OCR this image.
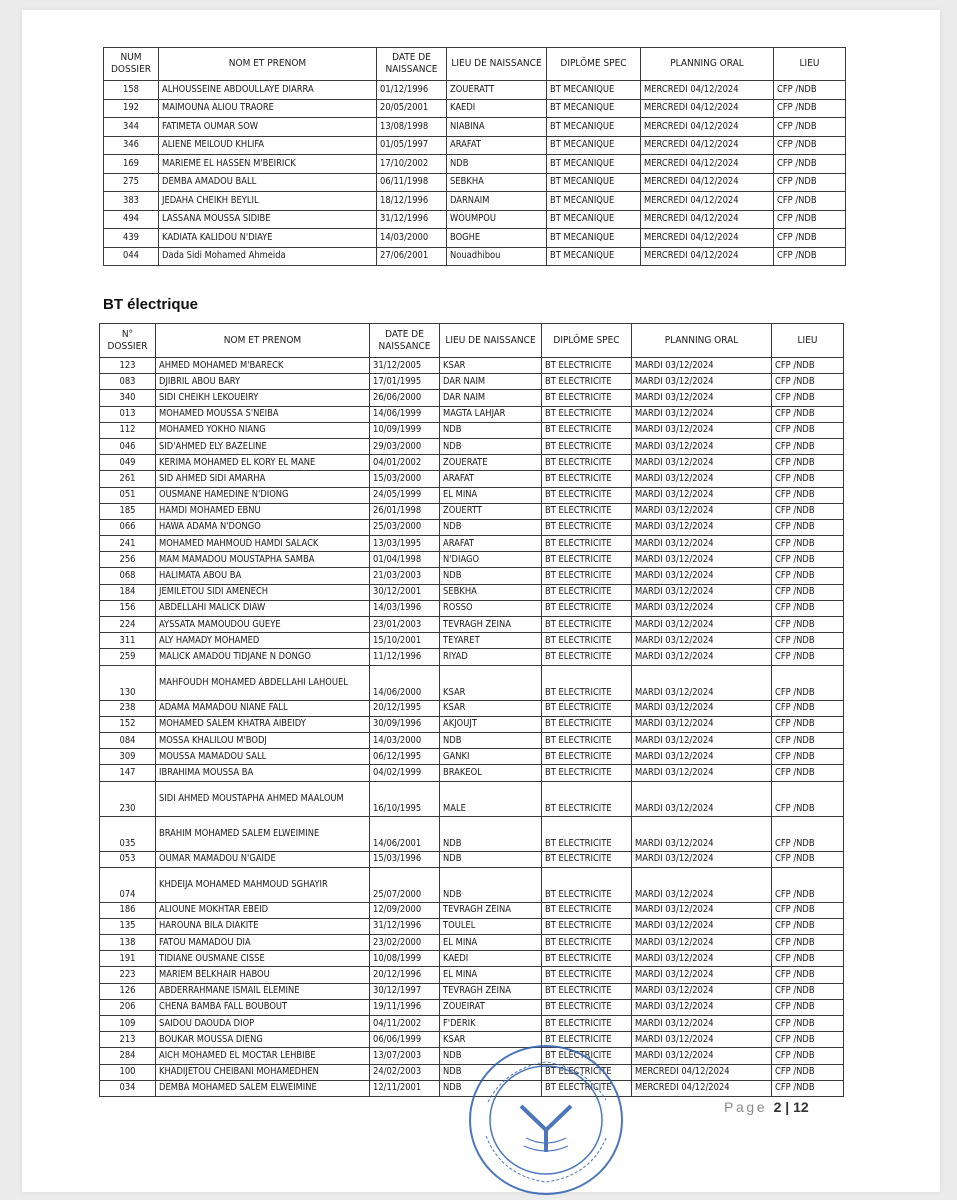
NUM DOSSIER	NOM ET PRENOM	DATE DE NAISSANCE	LIEU DE NAISSANCE	DIPLÔME SPEC	PLANNING ORAL	LIEU
158	ALHOUSSEINE ABDOULLAYE DIARRA	01/12/1996	ZOUERATT	BT MECANIQUE	MERCREDI 04/12/2024	CFP /NDB
192	MAIMOUNA ALIOU TRAORE	20/05/2001	KAEDI	BT MECANIQUE	MERCREDI 04/12/2024	CFP /NDB
344	FATIMETA OUMAR SOW	13/08/1998	NIABINA	BT MECANIQUE	MERCREDI 04/12/2024	CFP /NDB
346	ALIENE MEILOUD KHLIFA	01/05/1997	ARAFAT	BT MECANIQUE	MERCREDI 04/12/2024	CFP /NDB
169	MARIEME EL HASSEN M'BEIRICK	17/10/2002	NDB	BT MECANIQUE	MERCREDI 04/12/2024	CFP /NDB
275	DEMBA AMADOU BALL	06/11/1998	SEBKHA	BT MECANIQUE	MERCREDI 04/12/2024	CFP /NDB
383	JEDAHA CHEIKH BEYLIL	18/12/1996	DARNAIM	BT MECANIQUE	MERCREDI 04/12/2024	CFP /NDB
494	LASSANA MOUSSA SIDIBE	31/12/1996	WOUMPOU	BT MECANIQUE	MERCREDI 04/12/2024	CFP /NDB
439	KADIATA KALIDOU N'DIAYE	14/03/2000	BOGHE	BT MECANIQUE	MERCREDI 04/12/2024	CFP /NDB
044	Dada Sidi Mohamed Ahmeida	27/06/2001	Nouadhibou	BT MECANIQUE	MERCREDI 04/12/2024	CFP /NDB
BT électrique
N° DOSSIER	NOM ET PRENOM	DATE DE NAISSANCE	LIEU DE NAISSANCE	DIPLÔME SPEC	PLANNING ORAL	LIEU
123	AHMED MOHAMED M'BARECK	31/12/2005	KSAR	BT ELECTRICITE	MARDI 03/12/2024	CFP /NDB
083	DJIBRIL ABOU BARY	17/01/1995	DAR NAIM	BT ELECTRICITE	MARDI 03/12/2024	CFP /NDB
340	SIDI CHEIKH LEKOUEIRY	26/06/2000	DAR NAIM	BT ELECTRICITE	MARDI 03/12/2024	CFP /NDB
013	MOHAMED MOUSSA S'NEIBA	14/06/1999	MAGTA LAHJAR	BT ELECTRICITE	MARDI 03/12/2024	CFP /NDB
112	MOHAMED YOKHO NIANG	10/09/1999	NDB	BT ELECTRICITE	MARDI 03/12/2024	CFP /NDB
046	SID'AHMED ELY BAZELINE	29/03/2000	NDB	BT ELECTRICITE	MARDI 03/12/2024	CFP /NDB
049	KERIMA MOHAMED EL KORY EL MANE	04/01/2002	ZOUERATE	BT ELECTRICITE	MARDI 03/12/2024	CFP /NDB
261	SID AHMED SIDI AMARHA	15/03/2000	ARAFAT	BT ELECTRICITE	MARDI 03/12/2024	CFP /NDB
051	OUSMANE HAMEDINE N'DIONG	24/05/1999	EL MINA	BT ELECTRICITE	MARDI 03/12/2024	CFP /NDB
185	HAMDI MOHAMED EBNU	26/01/1998	ZOUERTT	BT ELECTRICITE	MARDI 03/12/2024	CFP /NDB
066	HAWA ADAMA N'DONGO	25/03/2000	NDB	BT ELECTRICITE	MARDI 03/12/2024	CFP /NDB
241	MOHAMED MAHMOUD HAMDI SALACK	13/03/1995	ARAFAT	BT ELECTRICITE	MARDI 03/12/2024	CFP /NDB
256	MAM MAMADOU MOUSTAPHA SAMBA	01/04/1998	N'DIAGO	BT ELECTRICITE	MARDI 03/12/2024	CFP /NDB
068	HALIMATA ABOU BA	21/03/2003	NDB	BT ELECTRICITE	MARDI 03/12/2024	CFP /NDB
184	JEMILETOU SIDI AMENECH	30/12/2001	SEBKHA	BT ELECTRICITE	MARDI 03/12/2024	CFP /NDB
156	ABDELLAHI MALICK DIAW	14/03/1996	ROSSO	BT ELECTRICITE	MARDI 03/12/2024	CFP /NDB
224	AYSSATA MAMOUDOU GUEYE	23/01/2003	TEVRAGH ZEINA	BT ELECTRICITE	MARDI 03/12/2024	CFP /NDB
311	ALY HAMADY MOHAMED	15/10/2001	TEYARET	BT ELECTRICITE	MARDI 03/12/2024	CFP /NDB
259	MALICK AMADOU TIDJANE N DONGO	11/12/1996	RIYAD	BT ELECTRICITE	MARDI 03/12/2024	CFP /NDB
130	MAHFOUDH MOHAMED ABDELLAHI LAHOUEL	14/06/2000	KSAR	BT ELECTRICITE	MARDI 03/12/2024	CFP /NDB
238	ADAMA MAMADOU NIANE FALL	20/12/1995	KSAR	BT ELECTRICITE	MARDI 03/12/2024	CFP /NDB
152	MOHAMED SALEM KHATRA AIBEIDY	30/09/1996	AKJOUJT	BT ELECTRICITE	MARDI 03/12/2024	CFP /NDB
084	MOSSA KHALILOU M'BODJ	14/03/2000	NDB	BT ELECTRICITE	MARDI 03/12/2024	CFP /NDB
309	MOUSSA MAMADOU SALL	06/12/1995	GANKI	BT ELECTRICITE	MARDI 03/12/2024	CFP /NDB
147	IBRAHIMA MOUSSA BA	04/02/1999	BRAKEOL	BT ELECTRICITE	MARDI 03/12/2024	CFP /NDB
230	SIDI AHMED MOUSTAPHA AHMED MAALOUM	16/10/1995	MALE	BT ELECTRICITE	MARDI 03/12/2024	CFP /NDB
035	BRAHIM MOHAMED SALEM ELWEIMINE	14/06/2001	NDB	BT ELECTRICITE	MARDI 03/12/2024	CFP /NDB
053	OUMAR MAMADOU N'GAIDE	15/03/1996	NDB	BT ELECTRICITE	MARDI 03/12/2024	CFP /NDB
074	KHDEIJA MOHAMED MAHMOUD SGHAYIR	25/07/2000	NDB	BT ELECTRICITE	MARDI 03/12/2024	CFP /NDB
186	ALIOUNE MOKHTAR EBEID	12/09/2000	TEVRAGH ZEINA	BT ELECTRICITE	MARDI 03/12/2024	CFP /NDB
135	HAROUNA BILA DIAKITE	31/12/1996	TOULEL	BT ELECTRICITE	MARDI 03/12/2024	CFP /NDB
138	FATOU MAMADOU DIA	23/02/2000	EL MINA	BT ELECTRICITE	MARDI 03/12/2024	CFP /NDB
191	TIDIANE OUSMANE CISSE	10/08/1999	KAEDI	BT ELECTRICITE	MARDI 03/12/2024	CFP /NDB
223	MARIEM BELKHAIR HABOU	20/12/1996	EL MINA	BT ELECTRICITE	MARDI 03/12/2024	CFP /NDB
126	ABDERRAHMANE ISMAIL ELEMINE	30/12/1997	TEVRAGH ZEINA	BT ELECTRICITE	MARDI 03/12/2024	CFP /NDB
206	CHENA BAMBA FALL BOUBOUT	19/11/1996	ZOUEIRAT	BT ELECTRICITE	MARDI 03/12/2024	CFP /NDB
109	SAIDOU DAOUDA DIOP	04/11/2002	F'DERIK	BT ELECTRICITE	MARDI 03/12/2024	CFP /NDB
213	BOUKAR MOUSSA DIENG	06/06/1999	KSAR	BT ELECTRICITE	MARDI 03/12/2024	CFP /NDB
284	AICH MOHAMED EL MOCTAR LEHBIBE	13/07/2003	NDB	BT ELECTRICITE	MARDI 03/12/2024	CFP /NDB
100	KHADIJETOU CHEIBANI MOHAMEDHEN	24/02/2003	NDB	BT ELECTRICITE	MERCREDI 04/12/2024	CFP /NDB
034	DEMBA MOHAMED SALEM ELWEIMINE	12/11/2001	NDB	BT ELECTRICITE	MERCREDI 04/12/2024	CFP /NDB
Page 2 | 12
